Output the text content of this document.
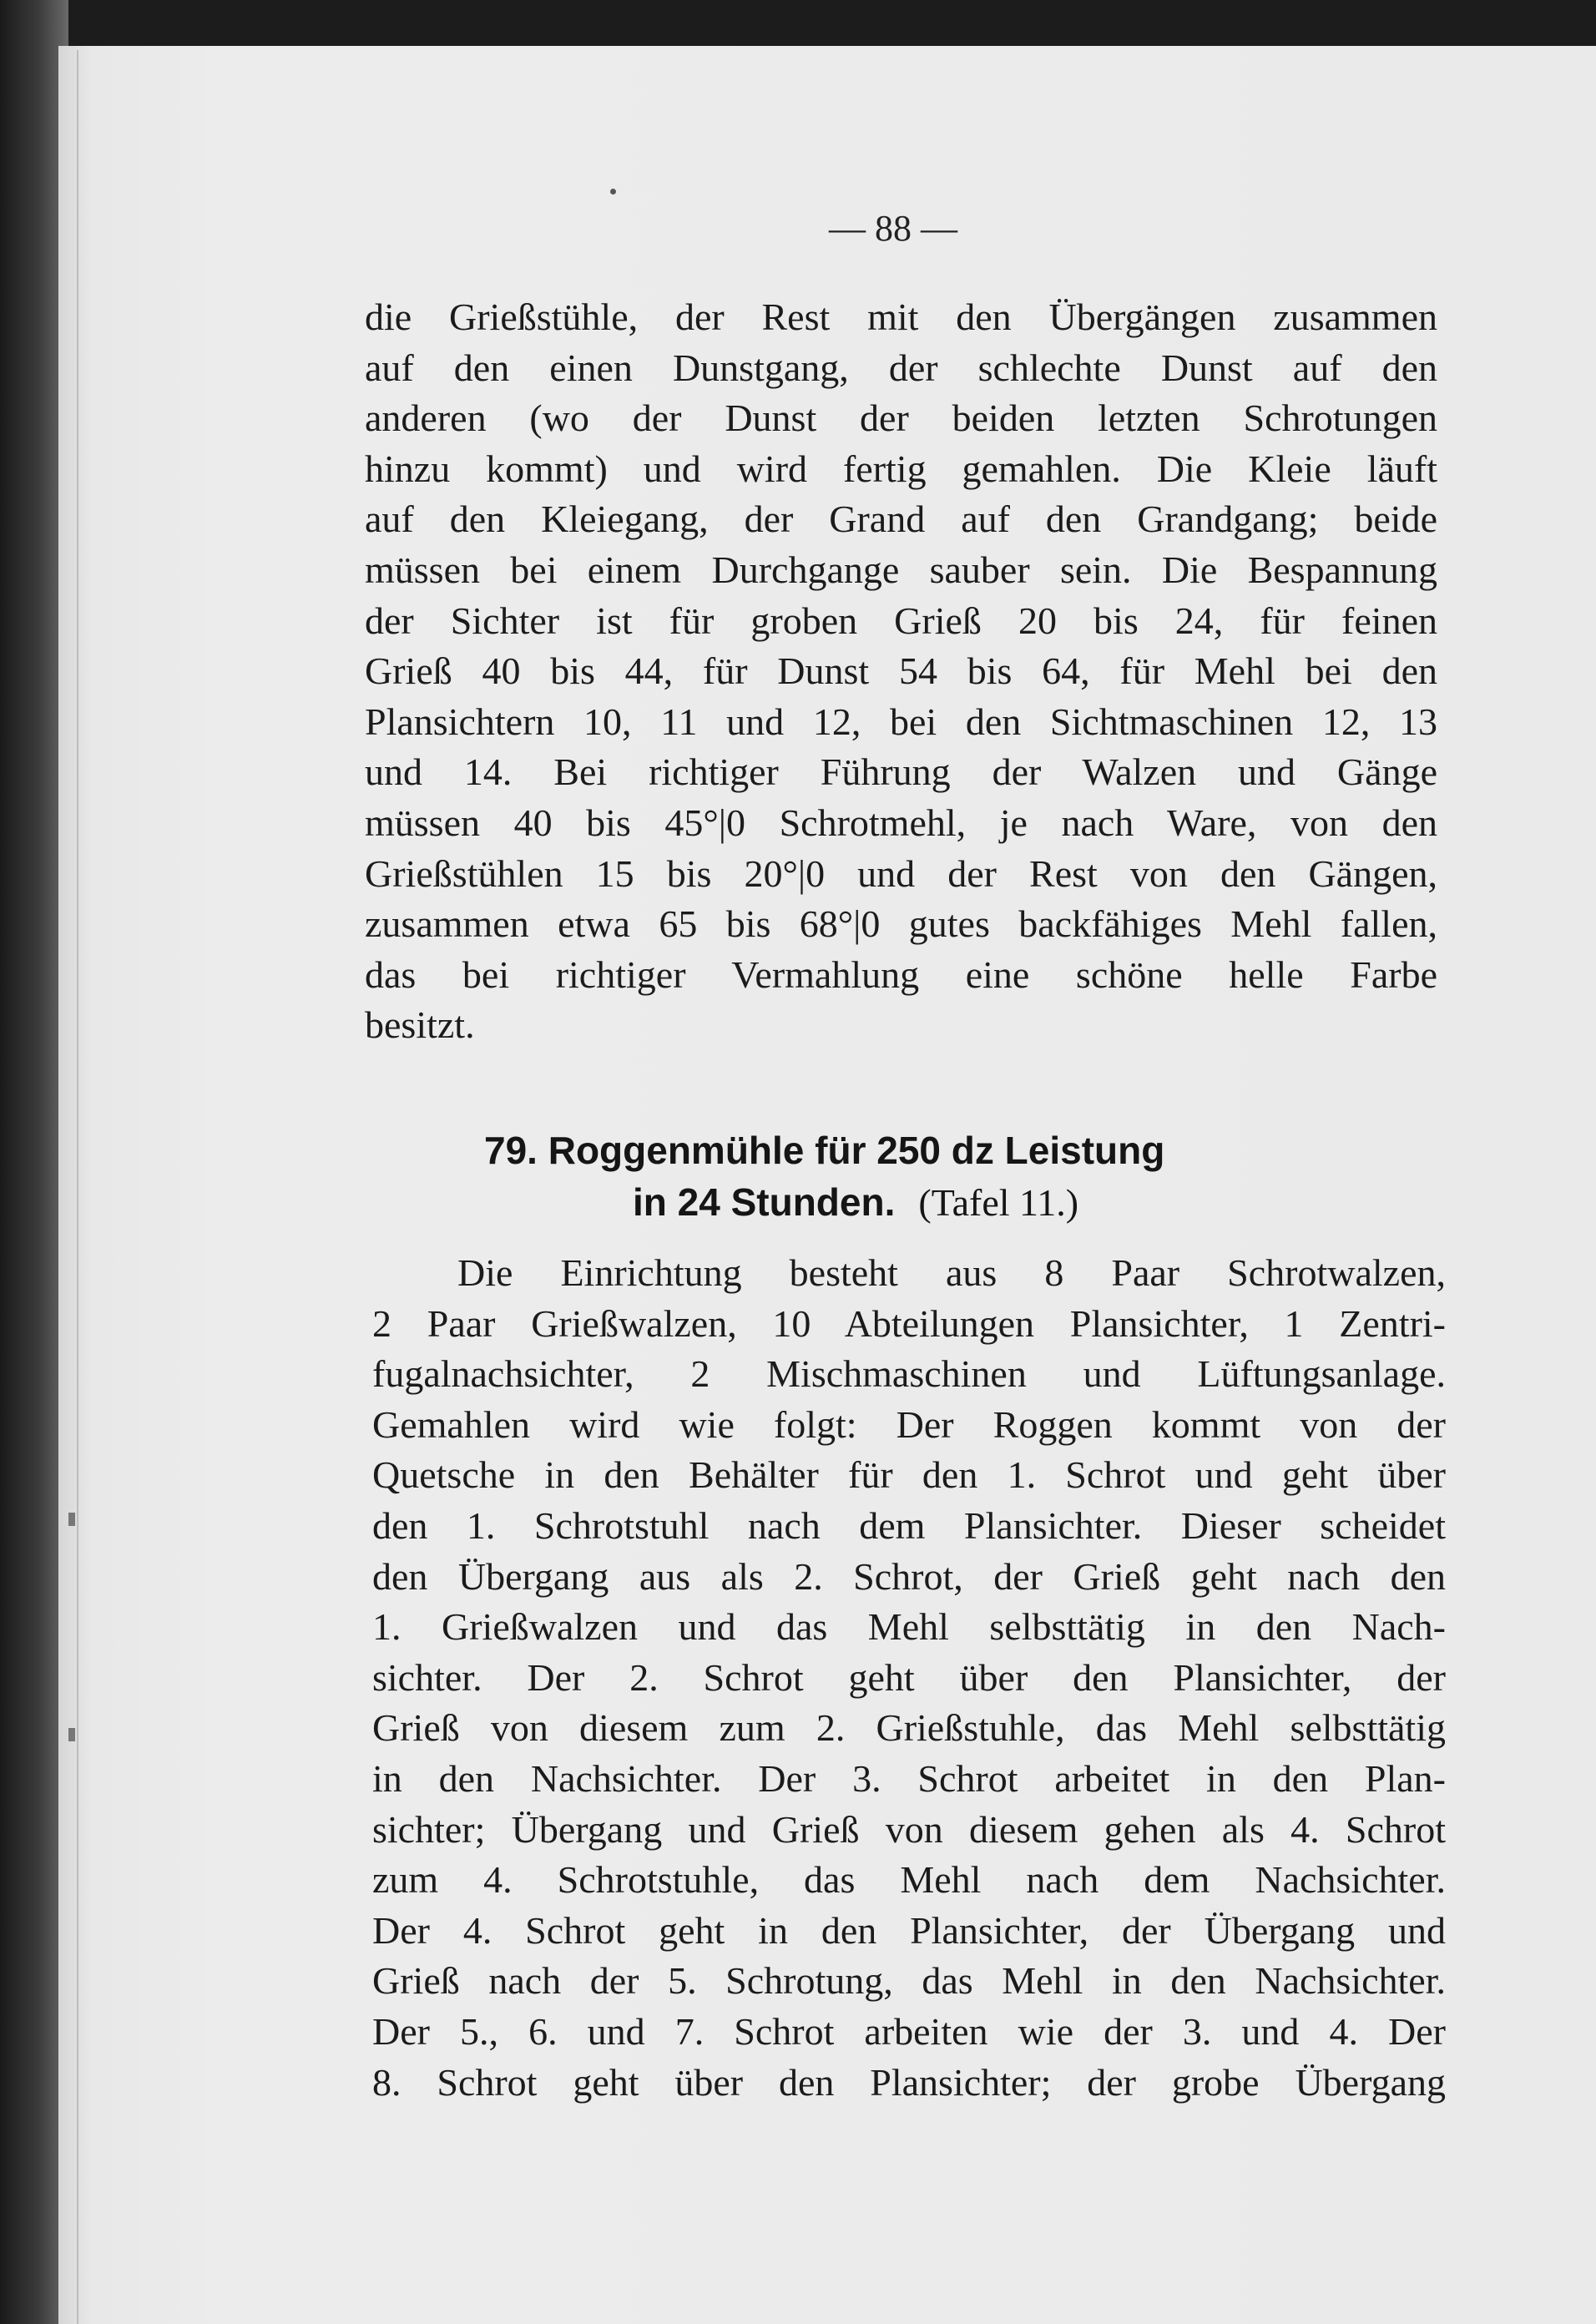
— 88 —
die Grießstühle, der Rest mit den Übergängen zusammen
auf den einen Dunstgang, der schlechte Dunst auf den
anderen (wo der Dunst der beiden letzten Schrotungen
hinzu kommt) und wird fertig gemahlen. Die Kleie läuft
auf den Kleiegang, der Grand auf den Grandgang; beide
müssen bei einem Durchgange sauber sein. Die Bespannung
der Sichter ist für groben Grieß 20 bis 24, für feinen
Grieß 40 bis 44, für Dunst 54 bis 64, für Mehl bei den
Plansichtern 10, 11 und 12, bei den Sichtmaschinen 12, 13
und 14. Bei richtiger Führung der Walzen und Gänge
müssen 40 bis 45°|0 Schrotmehl, je nach Ware, von den
Grießstühlen 15 bis 20°|0 und der Rest von den Gängen,
zusammen etwa 65 bis 68°|0 gutes backfähiges Mehl fallen,
das bei richtiger Vermahlung eine schöne helle Farbe
besitzt.
79. Roggenmühle für 250 dz Leistung
in 24 Stunden. (Tafel 11.)
Die Einrichtung besteht aus 8 Paar Schrotwalzen,
2 Paar Grießwalzen, 10 Abteilungen Plansichter, 1 Zentri-
fugalnachsichter, 2 Mischmaschinen und Lüftungsanlage.
Gemahlen wird wie folgt: Der Roggen kommt von der
Quetsche in den Behälter für den 1. Schrot und geht über
den 1. Schrotstuhl nach dem Plansichter. Dieser scheidet
den Übergang aus als 2. Schrot, der Grieß geht nach den
1. Grießwalzen und das Mehl selbsttätig in den Nach-
sichter. Der 2. Schrot geht über den Plansichter, der
Grieß von diesem zum 2. Grießstuhle, das Mehl selbsttätig
in den Nachsichter. Der 3. Schrot arbeitet in den Plan-
sichter; Übergang und Grieß von diesem gehen als 4. Schrot
zum 4. Schrotstuhle, das Mehl nach dem Nachsichter.
Der 4. Schrot geht in den Plansichter, der Übergang und
Grieß nach der 5. Schrotung, das Mehl in den Nachsichter.
Der 5., 6. und 7. Schrot arbeiten wie der 3. und 4. Der
8. Schrot geht über den Plansichter; der grobe Übergang
